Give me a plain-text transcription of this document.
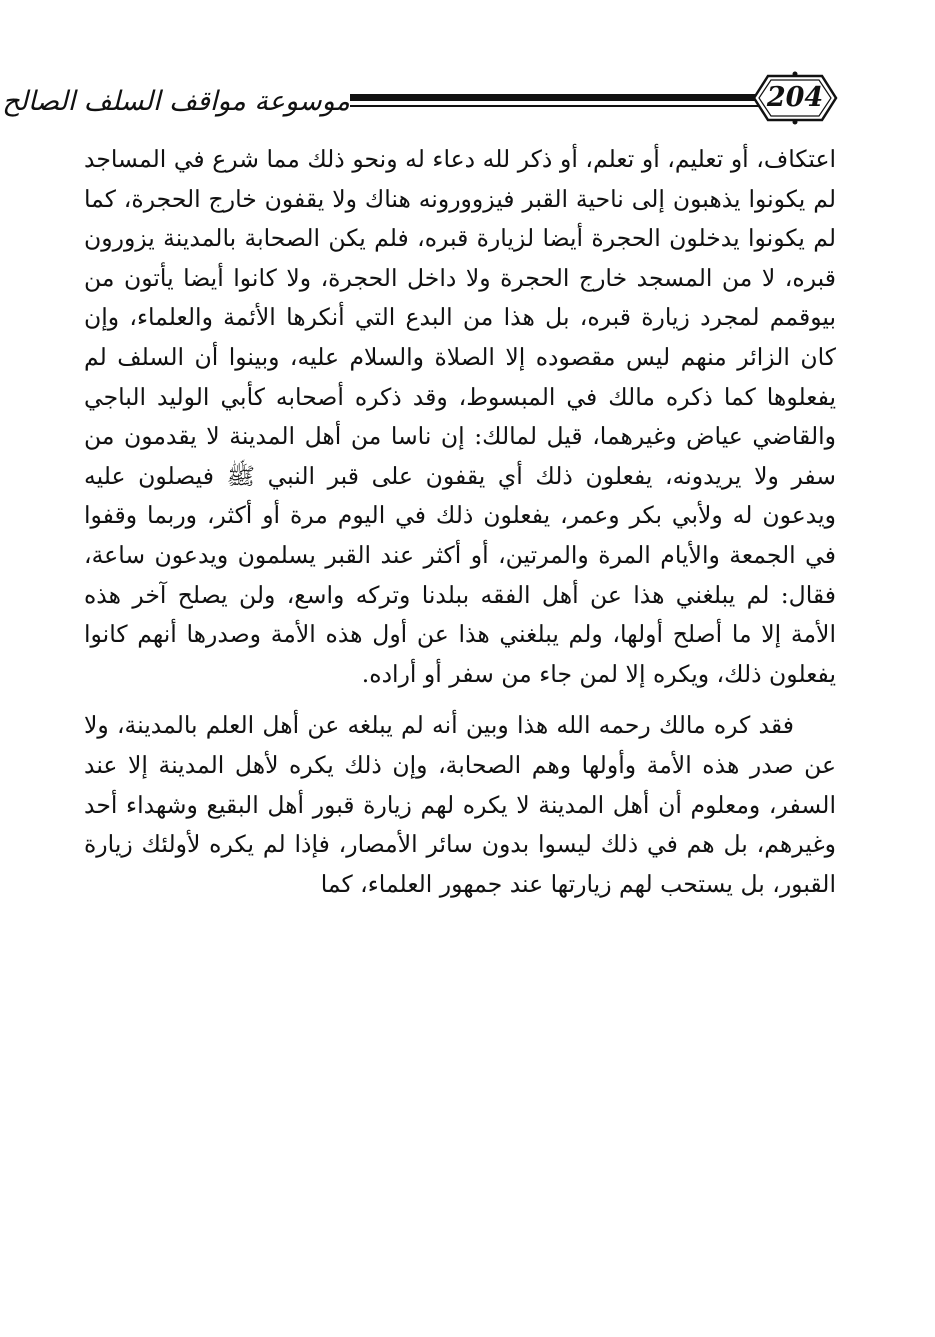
موسوعة مواقف السلف الصالح	204

اعتكاف، أو تعليم، أو تعلم، أو ذكر لله دعاء له ونحو ذلك مما شرع في المساجد لم يكونوا يذهبون إلى ناحية القبر فيزوورونه هناك ولا يقفون خارج الحجرة، كما لم يكونوا يدخلون الحجرة أيضا لزيارة قبره، فلم يكن الصحابة بالمدينة يزورون قبره، لا من المسجد خارج الحجرة ولا داخل الحجرة، ولا كانوا أيضا يأتون من بيوقمم لمجرد زيارة قبره، بل هذا من البدع التي أنكرها الأئمة والعلماء، وإن كان الزائر منهم ليس مقصوده إلا الصلاة والسلام عليه، وبينوا أن السلف لم يفعلوها كما ذكره مالك في المبسوط، وقد ذكره أصحابه كأبي الوليد الباجي والقاضي عياض وغيرهما، قيل لمالك: إن ناسا من أهل المدينة لا يقدمون من سفر ولا يريدونه، يفعلون ذلك أي يقفون على قبر النبي ﷺ فيصلون عليه ويدعون له ولأبي بكر وعمر، يفعلون ذلك في اليوم مرة أو أكثر، وربما وقفوا في الجمعة والأيام المرة والمرتين، أو أكثر عند القبر يسلمون ويدعون ساعة، فقال: لم يبلغني هذا عن أهل الفقه ببلدنا وتركه واسع، ولن يصلح آخر هذه الأمة إلا ما أصلح أولها، ولم يبلغني هذا عن أول هذه الأمة وصدرها أنهم كانوا يفعلون ذلك، ويكره إلا لمن جاء من سفر أو أراده.

فقد كره مالك رحمه الله هذا وبين أنه لم يبلغه عن أهل العلم بالمدينة، ولا عن صدر هذه الأمة وأولها وهم الصحابة، وإن ذلك يكره لأهل المدينة إلا عند السفر، ومعلوم أن أهل المدينة لا يكره لهم زيارة قبور أهل البقيع وشهداء أحد وغيرهم، بل هم في ذلك ليسوا بدون سائر الأمصار، فإذا لم يكره لأولئك زيارة القبور، بل يستحب لهم زيارتها عند جمهور العلماء، كما
